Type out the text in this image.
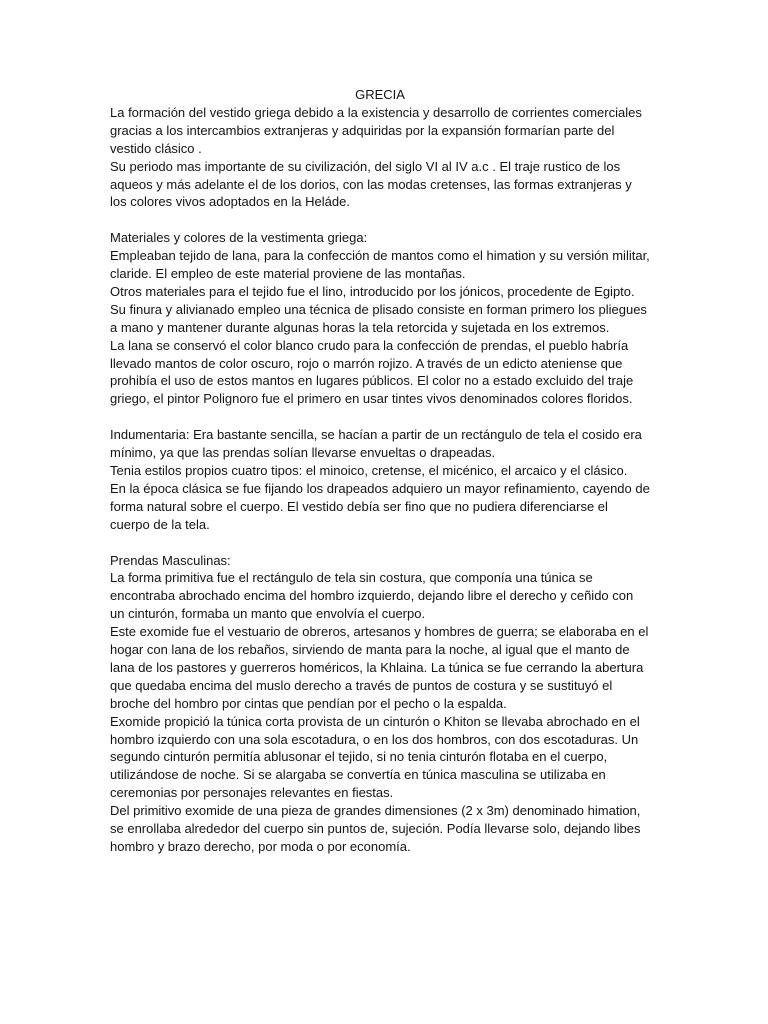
GRECIA

La formación del vestido griega debido a la existencia y desarrollo de corrientes comerciales gracias a los intercambios extranjeras y adquiridas por la expansión formarían parte del vestido clásico .

Su periodo mas importante de su civilización, del siglo VI al IV a.c . El traje rustico de los aqueos y más adelante el de los dorios, con las modas cretenses, las formas extranjeras y los colores vivos adoptados en la Heláde.

Materiales y colores de la vestimenta griega:

Empleaban tejido de lana, para la confección de mantos como el himation y su versión militar, claride. El empleo de este material proviene de las montañas.

Otros materiales para el tejido fue el lino, introducido por los jónicos, procedente de Egipto. Su finura y alivianado empleo una técnica de plisado consiste en forman primero los pliegues a mano y mantener durante algunas horas la tela retorcida y sujetada en los extremos.

La lana se conservó el color blanco crudo para la confección de prendas, el pueblo habría llevado mantos de color oscuro, rojo o marrón rojizo. A través de un edicto ateniense que prohibía el uso de estos mantos en lugares públicos. El color no a estado excluido del traje griego, el pintor Polignoro fue el primero en usar tintes vivos denominados colores floridos.

Indumentaria: Era bastante sencilla, se hacían a partir de un rectángulo de tela el cosido era mínimo, ya que las prendas solían llevarse envueltas o drapeadas.

Tenia estilos propios cuatro tipos: el minoico, cretense, el micénico, el arcaico y el clásico.

En la época clásica se fue fijando los drapeados adquiero un mayor refinamiento, cayendo de forma natural sobre el cuerpo. El vestido debía ser fino que no pudiera diferenciarse el cuerpo de la tela.

Prendas Masculinas:

La forma primitiva fue el rectángulo de tela sin costura, que componía una túnica se encontraba abrochado encima del hombro izquierdo, dejando libre el derecho y ceñido con un cinturón, formaba un manto que envolvía el cuerpo.

Este exomide fue el vestuario de obreros, artesanos y hombres de guerra; se elaboraba en el hogar con lana de los rebaños, sirviendo de manta para la noche, al igual que el manto de lana de los pastores y guerreros homéricos, la Khlaina. La túnica se fue cerrando la abertura que quedaba encima del muslo derecho a través de puntos de costura y se sustituyó el broche del hombro por cintas que pendían por el pecho o la espalda.

Exomide propició la túnica corta provista de un cinturón o Khiton se llevaba abrochado en el hombro izquierdo con una sola escotadura, o en los dos hombros, con dos escotaduras. Un segundo cinturón permitía ablusonar el tejido, si no tenia cinturón flotaba en el cuerpo, utilizándose de noche. Si se alargaba se convertía en túnica masculina se utilizaba en ceremonias por personajes relevantes en fiestas.

Del primitivo exomide de una pieza de grandes dimensiones (2 x 3m) denominado himation, se enrollaba alrededor del cuerpo sin puntos de, sujeción. Podía llevarse solo, dejando libes hombro y brazo derecho, por moda o por economía.
